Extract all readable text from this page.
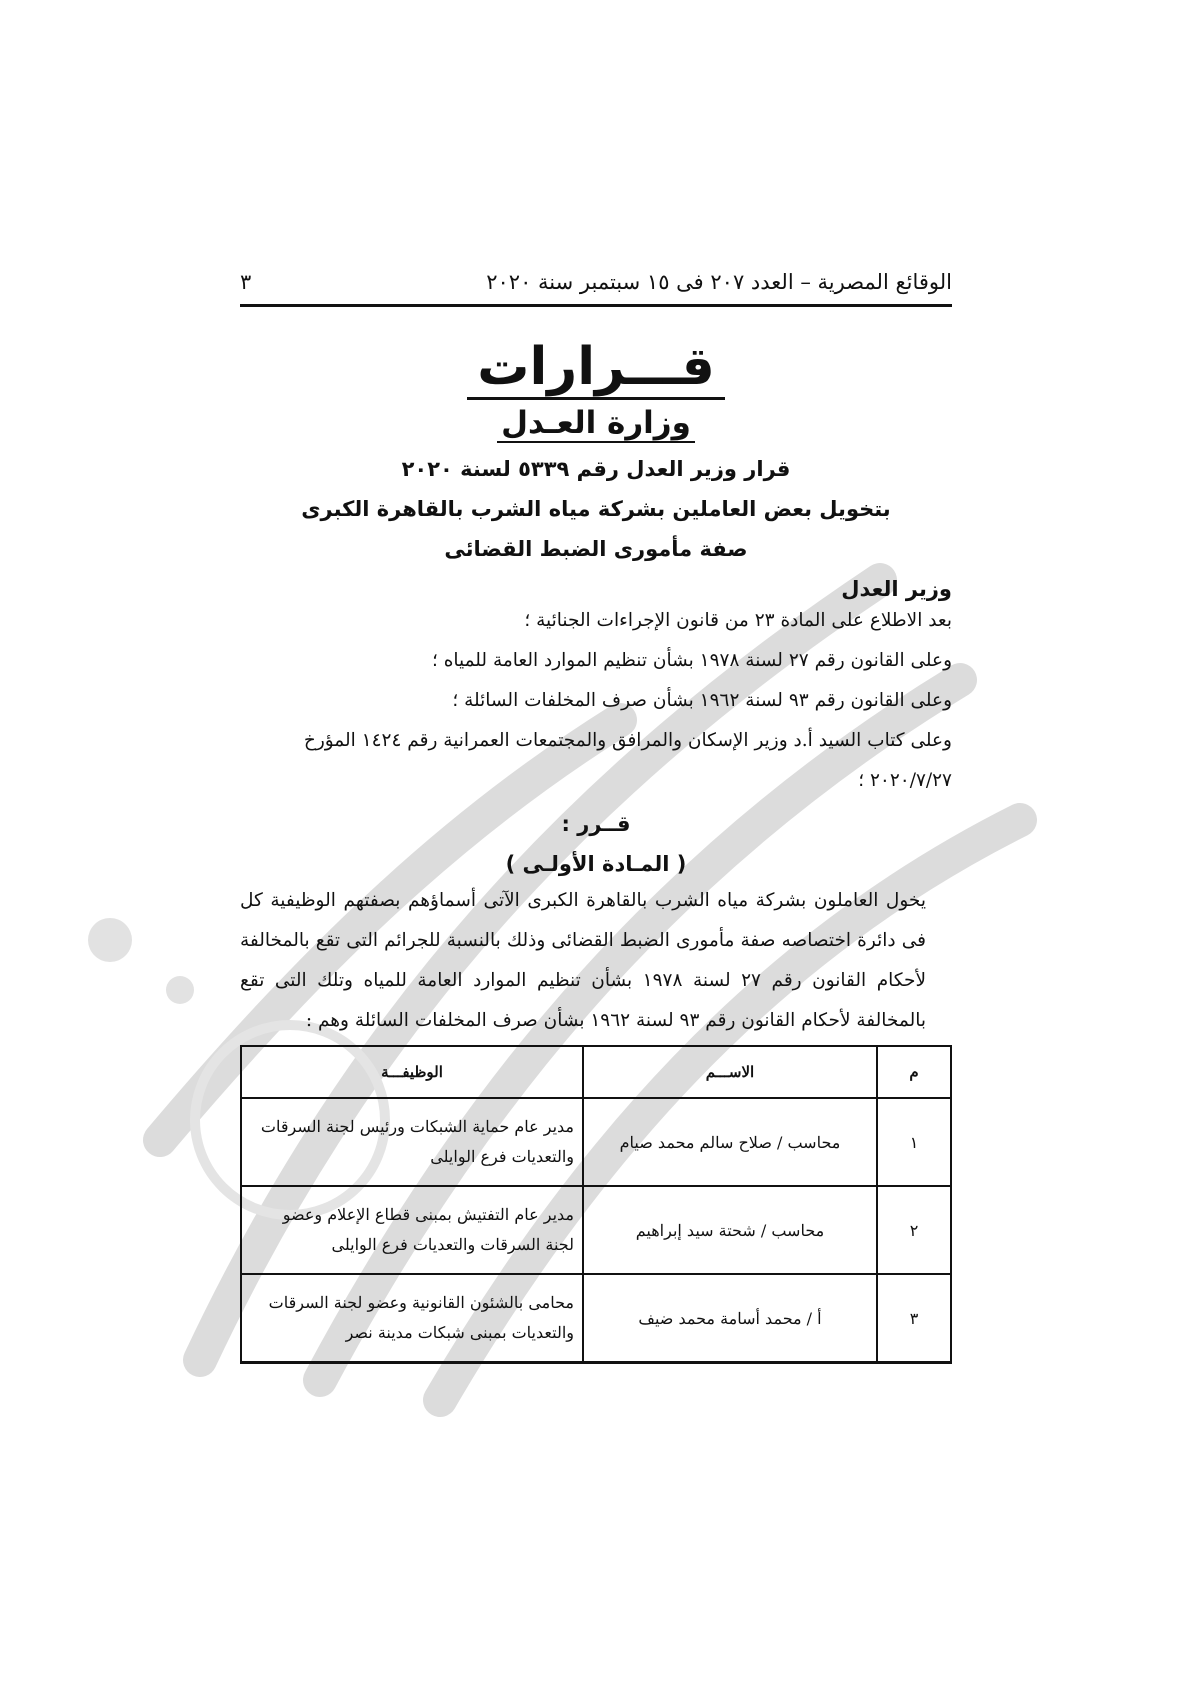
الوقائع المصرية – العدد ٢٠٧ فى ١٥ سبتمبر سنة ٢٠٢٠
٣
قـــرارات
وزارة العـدل
قرار وزير العدل رقم ٥٣٣٩ لسنة ٢٠٢٠
بتخويل بعض العاملين بشركة مياه الشرب بالقاهرة الكبرى
صفة مأمورى الضبط القضائى
وزير العدل
بعد الاطلاع على المادة ٢٣ من قانون الإجراءات الجنائية ؛
وعلى القانون رقم ٢٧ لسنة ١٩٧٨ بشأن تنظيم الموارد العامة للمياه ؛
وعلى القانون رقم ٩٣ لسنة ١٩٦٢ بشأن صرف المخلفات السائلة ؛
وعلى كتاب السيد أ.د وزير الإسكان والمرافق والمجتمعات العمرانية رقم ١٤٢٤ المؤرخ ٢٠٢٠/٧/٢٧ ؛
قــرر :
( المـادة الأولـى )
يخول العاملون بشركة مياه الشرب بالقاهرة الكبرى الآتى أسماؤهم بصفتهم الوظيفية كل فى دائرة اختصاصه صفة مأمورى الضبط القضائى وذلك بالنسبة للجرائم التى تقع بالمخالفة لأحكام القانون رقم ٢٧ لسنة ١٩٧٨ بشأن تنظيم الموارد العامة للمياه وتلك التى تقع بالمخالفة لأحكام القانون رقم ٩٣ لسنة ١٩٦٢ بشأن صرف المخلفات السائلة وهم :
م	الاســـم	الوظيفـــة
١	محاسب / صلاح سالم محمد صيام	مدير عام حماية الشبكات ورئيس لجنة السرقات والتعديات فرع الوايلى
٢	محاسب / شحتة سيد إبراهيم	مدير عام التفتيش بمبنى قطاع الإعلام وعضو لجنة السرقات والتعديات فرع الوايلى
٣	أ / محمد أسامة محمد ضيف	محامى بالشئون القانونية وعضو لجنة السرقات والتعديات بمبنى شبكات مدينة نصر
